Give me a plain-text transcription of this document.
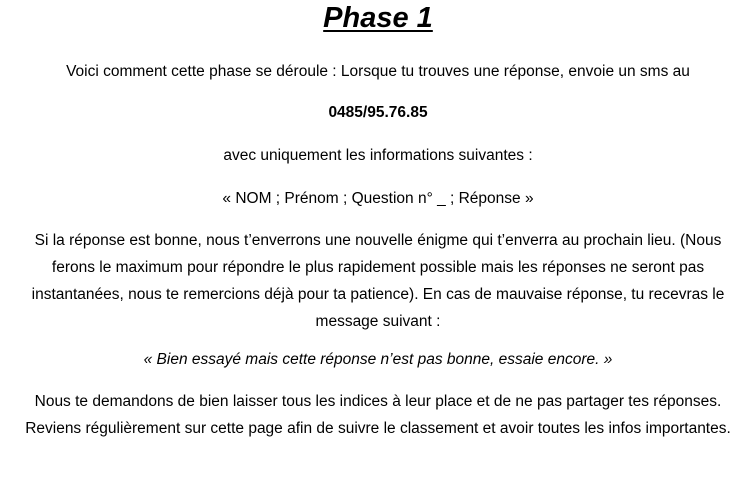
Phase 1

Voici comment cette phase se déroule : Lorsque tu trouves une réponse, envoie un sms au

0485/95.76.85

avec uniquement les informations suivantes :

« NOM ; Prénom ; Question n° _ ; Réponse »

Si la réponse est bonne, nous t’enverrons une nouvelle énigme qui t’enverra au prochain lieu. (Nous ferons le maximum pour répondre le plus rapidement possible mais les réponses ne seront pas instantanées, nous te remercions déjà pour ta patience). En cas de mauvaise réponse, tu recevras le message suivant :

« Bien essayé mais cette réponse n’est pas bonne, essaie encore. »

Nous te demandons de bien laisser tous les indices à leur place et de ne pas partager tes réponses. Reviens régulièrement sur cette page afin de suivre le classement et avoir toutes les infos importantes.
